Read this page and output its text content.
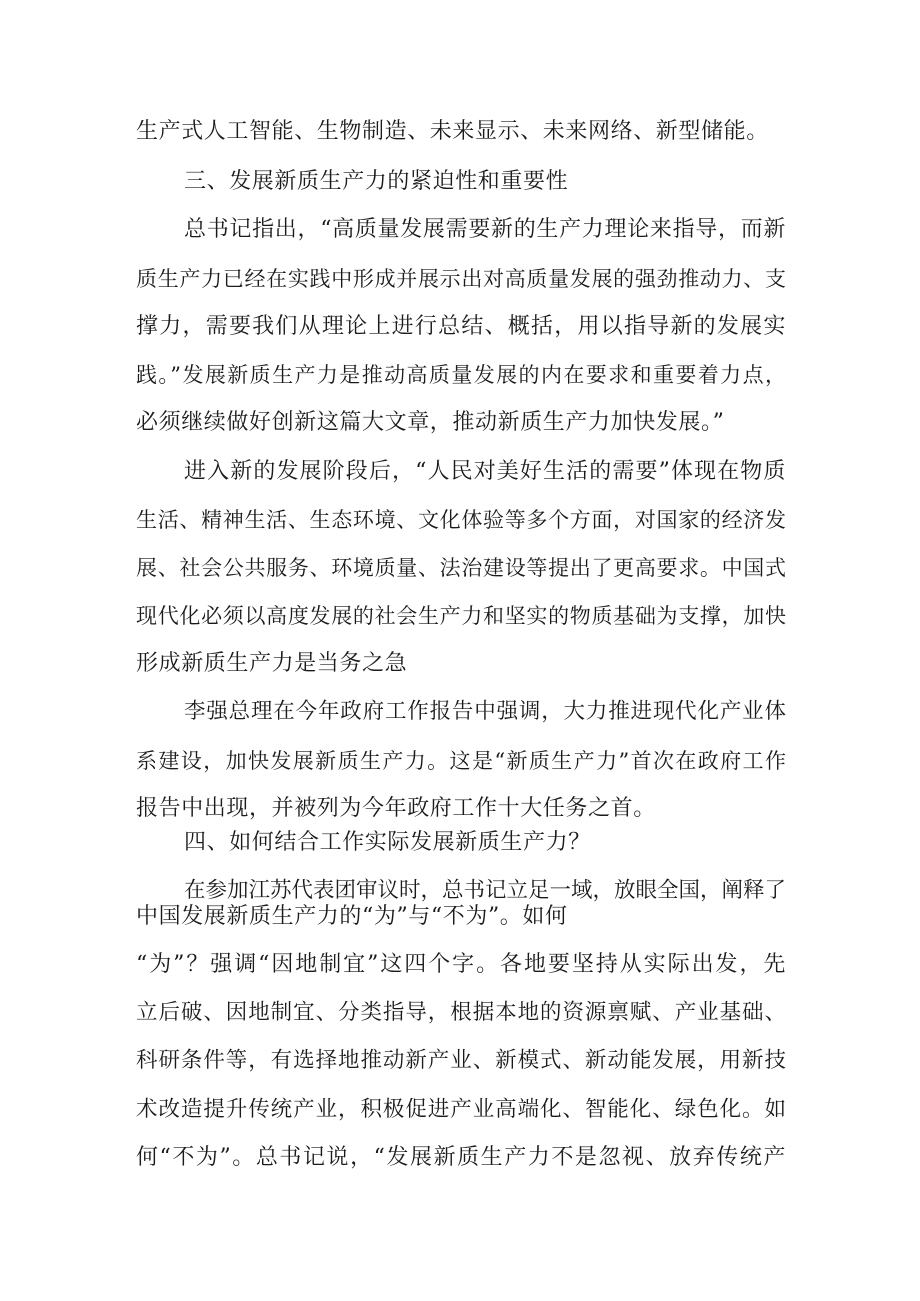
生产式人工智能、生物制造、未来显示、未来网络、新型储能。
三、发展新质生产力的紧迫性和重要性
总书记指出，“高质量发展需要新的生产力理论来指导，而新
质生产力已经在实践中形成并展示出对高质量发展的强劲推动力、支
撑力，需要我们从理论上进行总结、概括，用以指导新的发展实
践。”发展新质生产力是推动高质量发展的内在要求和重要着力点，
必须继续做好创新这篇大文章，推动新质生产力加快发展。”
进入新的发展阶段后，“人民对美好生活的需要”体现在物质
生活、精神生活、生态环境、文化体验等多个方面，对国家的经济发
展、社会公共服务、环境质量、法治建设等提出了更高要求。中国式
现代化必须以高度发展的社会生产力和坚实的物质基础为支撑，加快
形成新质生产力是当务之急
李强总理在今年政府工作报告中强调，大力推进现代化产业体
系建设，加快发展新质生产力。这是“新质生产力”首次在政府工作
报告中出现，并被列为今年政府工作十大任务之首。
四、如何结合工作实际发展新质生产力？
在参加江苏代表团审议时，总书记立足一域，放眼全国，阐释了
中国发展新质生产力的“为”与“不为”。如何
“为”？强调“因地制宜”这四个字。各地要坚持从实际出发，先
立后破、因地制宜、分类指导，根据本地的资源禀赋、产业基础、
科研条件等，有选择地推动新产业、新模式、新动能发展，用新技
术改造提升传统产业，积极促进产业高端化、智能化、绿色化。如
何“不为”。总书记说，“发展新质生产力不是忽视、放弃传统产
